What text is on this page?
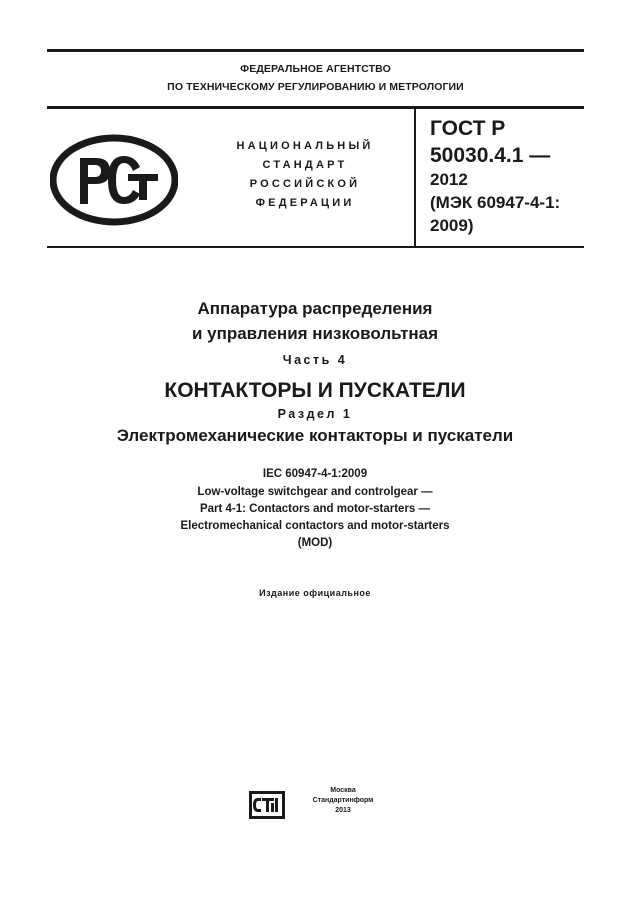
ФЕДЕРАЛЬНОЕ АГЕНТСТВО
ПО ТЕХНИЧЕСКОМУ РЕГУЛИРОВАНИЮ И МЕТРОЛОГИИ
НАЦИОНАЛЬНЫЙ
СТАНДАРТ
РОССИЙСКОЙ
ФЕДЕРАЦИИ
ГОСТ Р
50030.4.1 —
2012
(МЭК 60947-4-1:
2009)
Аппаратура распределения
и управления низковольтная
Часть 4
КОНТАКТОРЫ И ПУСКАТЕЛИ
Раздел 1
Электромеханические контакторы и пускатели
IEC 60947-4-1:2009
Low-voltage switchgear and controlgear —
Part 4-1: Contactors and motor-starters —
Electromechanical contactors and motor-starters
(MOD)
Издание официальное
Москва
Стандартинформ
2013
